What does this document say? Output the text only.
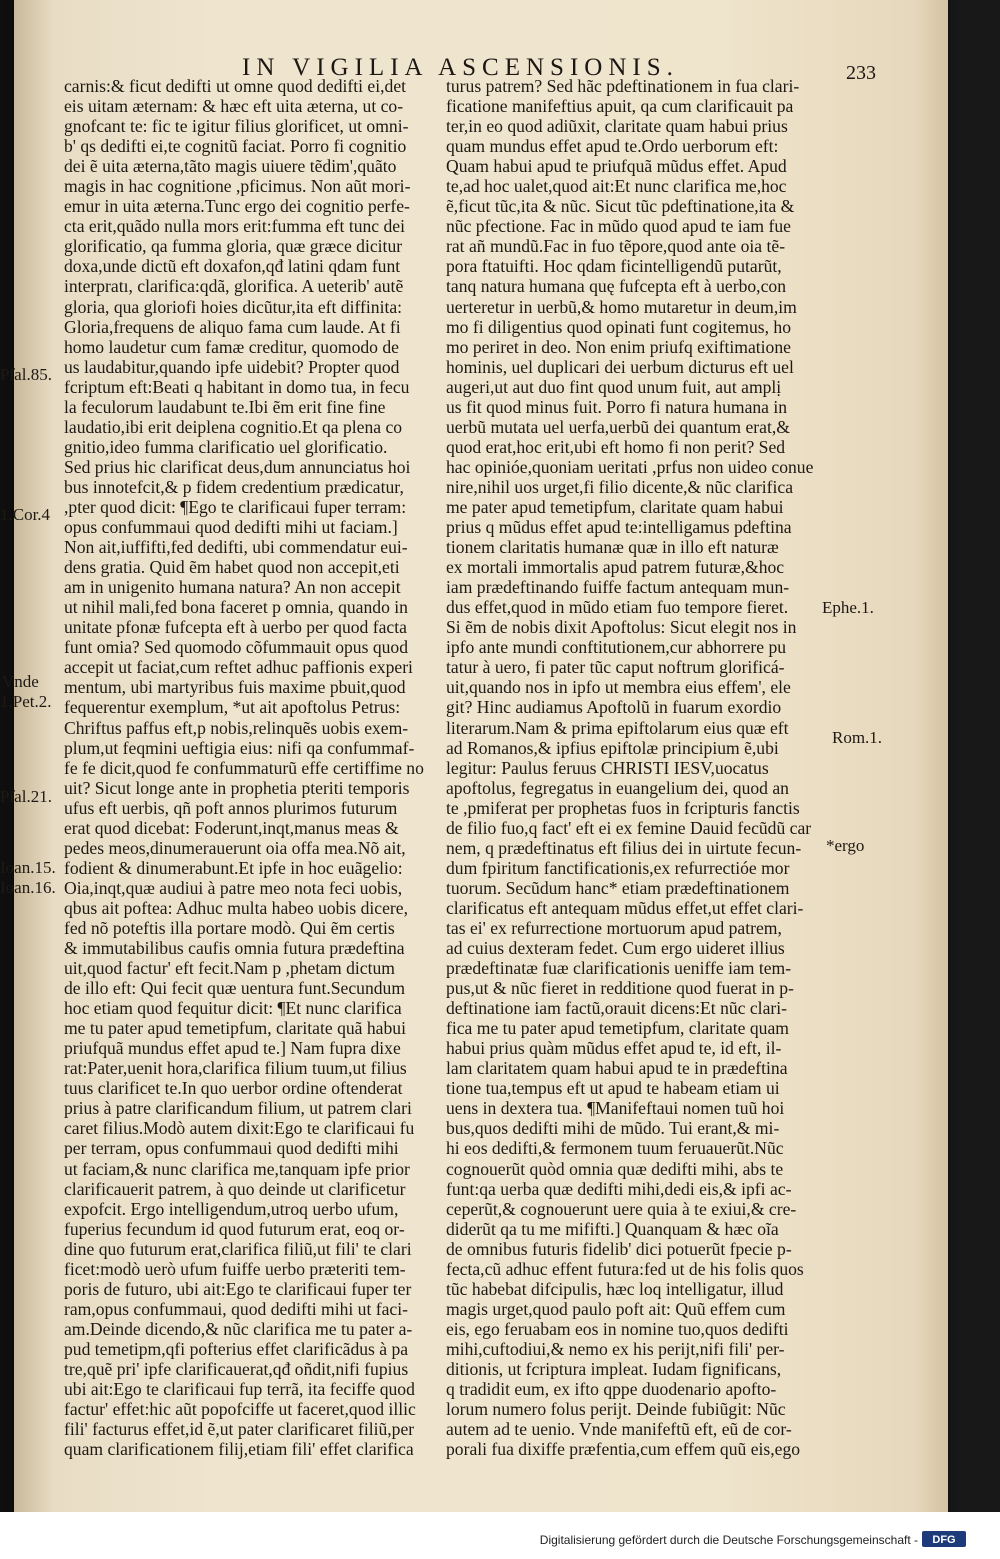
IN VIGILIA ASCENSIONIS.	233
carnis:& ficut dedifti ut omne quod dedifti ei,det
eis uitam æternam: & hæc eft uita æterna, ut co-
gnofcant te: fic te igitur filius glorificet, ut omni-
b' qs dedifti ei,te cognitũ faciat. Porro fi cognitio
dei ẽ uita æterna,tãto magis uiuere tẽdim',quãto
magis in hac cognitione ,pficimus. Non aũt mori-
emur in uita æterna.Tunc ergo dei cognitio perfe-
cta erit,quãdo nulla mors erit:fumma eft tunc dei
glorificatio, qa fumma gloria, quæ græce dicitur
doxa,unde dictũ eft doxafon,qđ latini qdam funt
interpratı, clarifica:qdã, glorifica. A ueterib' autẽ
gloria, qua gloriofi hoies dicũtur,ita eft diffinita:
Gloria,frequens de aliquo fama cum laude. At fi
homo laudetur cum famæ creditur, quomodo de
us laudabitur,quando ipfe uidebit? Propter quod
fcriptum eft:Beati q habitant in domo tua, in fecu
la feculorum laudabunt te.Ibi ẽm erit fine fine
laudatio,ibi erit deiplena cognitio.Et qa plena co
gnitio,ideo fumma clarificatio uel glorificatio.
Sed prius hic clarificat deus,dum annunciatus hoi
bus innotefcit,& p fidem credentium prædicatur,
,pter quod dicit: ¶Ego te clarificaui fuper terram:
opus confummaui quod dedifti mihi ut faciam.]
Non ait,iuffifti,fed dedifti, ubi commendatur eui-
dens gratia. Quid ẽm habet quod non accepit,eti
am in unigenito humana natura? An non accepit
ut nihil mali,fed bona faceret p omnia, quando in
unitate pfonæ fufcepta eft à uerbo per quod facta
funt omia? Sed quomodo cõfummauit opus quod
accepit ut faciat,cum reftet adhuc paffionis experi
mentum, ubi martyribus fuis maxime pbuit,quod
fequerentur exemplum, *ut ait apoftolus Petrus:
Chriftus paffus eft,p nobis,relinquẽs uobis exem-
plum,ut feqmini ueftigia eius: nifi qa confummaf-
fe fe dicit,quod fe confummaturũ effe certiffime no
uit? Sicut longe ante in prophetia pteriti temporis
ufus eft uerbis, qñ poft annos plurimos futurum
erat quod dicebat: Foderunt,inqt,manus meas &
pedes meos,dinumerauerunt oia offa mea.Nõ ait,
fodient & dinumerabunt.Et ipfe in hoc euãgelio:
Oia,inqt,quæ audiui à patre meo nota feci uobis,
qbus ait poftea: Adhuc multa habeo uobis dicere,
fed nõ poteftis illa portare modò. Qui ẽm certis
& immutabilibus caufis omnia futura prædeftina
uit,quod factur' eft fecit.Nam p ,phetam dictum
de illo eft: Qui fecit quæ uentura funt.Secundum
hoc etiam quod fequitur dicit: ¶Et nunc clarifica
me tu pater apud temetipfum, claritate quã habui
priufquã mundus effet apud te.] Nam fupra dixe
rat:Pater,uenit hora,clarifica filium tuum,ut filius
tuus clarificet te.In quo uerbor ordine oftenderat
prius à patre clarificandum filium, ut patrem clari
caret filius.Modò autem dixit:Ego te clarificaui fu
per terram, opus confummaui quod dedifti mihi
ut faciam,& nunc clarifica me,tanquam ipfe prior
clarificauerit patrem, à quo deinde ut clarificetur
expofcit. Ergo intelligendum,utroq uerbo ufum,
fuperius fecundum id quod futurum erat, eoq or-
dine quo futurum erat,clarifica filiũ,ut fili' te clari
ficet:modò uerò ufum fuiffe uerbo præteriti tem-
poris de futuro, ubi ait:Ego te clarificaui fuper ter
ram,opus confummaui, quod dedifti mihi ut faci-
am.Deinde dicendo,& nũc clarifica me tu pater a-
pud temetipm,qfi pofterius effet clarificãdus à pa
tre,quẽ pri' ipfe clarificauerat,qđ oñdit,nifi fupius
ubi ait:Ego te clarificaui fup terrã, ita feciffe quod
factur' effet:hic aũt popofciffe ut faceret,quod illic
fili' facturus effet,id ẽ,ut pater clarificaret filiũ,per
quam clarificationem filij,etiam fili' effet clarifica
turus patrem? Sed hãc pdeftinationem in fua clari-
ficatione manifeftius apuit, qa cum clarificauit pa
ter,in eo quod adiũxit, claritate quam habui prius
quam mundus effet apud te.Ordo uerborum eft:
Quam habui apud te priufquã mũdus effet. Apud
te,ad hoc ualet,quod ait:Et nunc clarifica me,hoc
ẽ,ficut tũc,ita & nũc. Sicut tũc pdeftinatione,ita &
nũc pfectione. Fac in mũdo quod apud te iam fue
rat añ mundũ.Fac in fuo tẽpore,quod ante oia tẽ-
pora ftatuifti. Hoc qdam ficintelligendũ putarũt,
tanq natura humana quę fufcepta eft à uerbo,con
uerteretur in uerbũ,& homo mutaretur in deum,im
mo fi diligentius quod opinati funt cogitemus, ho
mo periret in deo. Non enim priufq exiftimatione
hominis, uel duplicari dei uerbum dicturus eft uel
augeri,ut aut duo fint quod unum fuit, aut amplị
us fit quod minus fuit. Porro fi natura humana in
uerbũ mutata uel uerfa,uerbũ dei quantum erat,&
quod erat,hoc erit,ubi eft homo fi non perit? Sed
hac opinióe,quoniam ueritati ,prfus non uideo conue
nire,nihil uos urget,fi filio dicente,& nũc clarifica
me pater apud temetipfum, claritate quam habui
prius q mũdus effet apud te:intelligamus pdeftina
tionem claritatis humanæ quæ in illo eft naturæ
ex mortali immortalis apud patrem futuræ,&hoc
iam prædeftinando fuiffe factum antequam mun-
dus effet,quod in mũdo etiam fuo tempore fieret.
Si ẽm de nobis dixit Apoftolus: Sicut elegit nos in
ipfo ante mundi conftitutionem,cur abhorrere pu
tatur à uero, fi pater tũc caput noftrum glorificá-
uit,quando nos in ipfo ut membra eius effem', ele
git? Hinc audiamus Apoftolũ in fuarum exordio
literarum.Nam & prima epiftolarum eius quæ eft
ad Romanos,& ipfius epiftolæ principium ẽ,ubi
legitur: Paulus feruus CHRISTI IESV,uocatus
apoftolus, fegregatus in euangelium dei, quod an
te ,pmiferat per prophetas fuos in fcripturis fanctis
de filio fuo,q fact' eft ei ex femine Dauid fecũdũ car
nem, q prædeftinatus eft filius dei in uirtute fecun-
dum fpiritum fanctificationis,ex refurrectióe mor
tuorum. Secũdum hanc* etiam prædeftinationem
clarificatus eft antequam mũdus effet,ut effet clari-
tas ei' ex refurrectione mortuorum apud patrem,
ad cuius dexteram fedet. Cum ergo uideret illius
prædeftinatæ fuæ clarificationis ueniffe iam tem-
pus,ut & nũc fieret in redditione quod fuerat in p-
deftinatione iam factũ,orauit dicens:Et nũc clari-
fica me tu pater apud temetipfum, claritate quam
habui prius quàm mũdus effet apud te, id eft, il-
lam claritatem quam habui apud te in prædeftina
tione tua,tempus eft ut apud te habeam etiam ui
uens in dextera tua. ¶Manifeftaui nomen tuũ hoi
bus,quos dedifti mihi de mũdo. Tui erant,& mi-
hi eos dedifti,& fermonem tuum feruauerũt.Nũc
cognouerũt quòd omnia quæ dedifti mihi, abs te
funt:qa uerba quæ dedifti mihi,dedi eis,& ipfi ac-
ceperũt,& cognouerunt uere quia à te exiui,& cre-
diderũt qa tu me mififti.] Quanquam & hæc oĩa
de omnibus futuris fidelib' dici potuerũt fpecie p-
fecta,cũ adhuc effent futura:fed ut de his folis quos
tũc habebat difcipulis, hæc loq intelligatur, illud
magis urget,quod paulo poft ait: Quũ effem cum
eis, ego feruabam eos in nomine tuo,quos dedifti
mihi,cuftodiui,& nemo ex his perijt,nifi fili' per-
ditionis, ut fcriptura impleat. Iudam fignificans,
q tradidit eum, ex ifto qppe duodenario apofto-
lorum numero folus perijt. Deinde fubiũgit: Nũc
autem ad te uenio. Vnde manifeftũ eft, eũ de cor-
porali fua dixiffe præfentia,cum effem quũ eis,ego
Pſal.85.
1.Cor.4
Vnde
1.Pet.2.
Pſal.21.
Ioan.15.
Ioan.16.
Ephe.1.
Rom.1.
*ergo
Digitalisierung gefördert durch die Deutsche Forschungsgemeinschaft - DFG
